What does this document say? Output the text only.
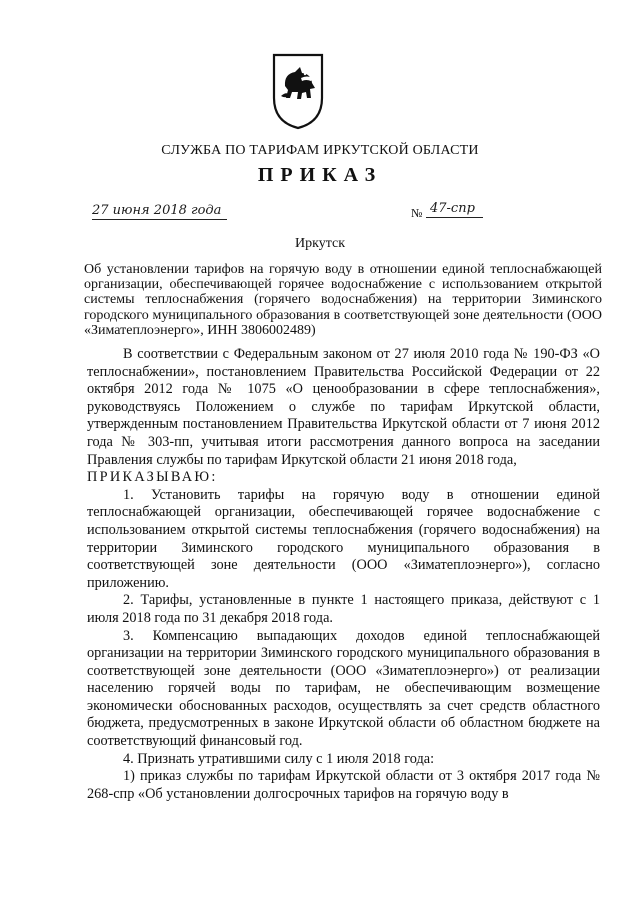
СЛУЖБА ПО ТАРИФАМ ИРКУТСКОЙ ОБЛАСТИ
ПРИКАЗ
27 июня 2018 года	№ 47-спр
Иркутск
Об установлении тарифов на горячую воду в отношении единой теплоснабжающей организации, обеспечивающей горячее водоснабжение с использованием открытой системы теплоснабжения (горячего водоснабжения) на территории Зиминского городского муниципального образования в соответствующей зоне деятельности (ООО «Зиматеплоэнерго», ИНН 3806002489)

В соответствии с Федеральным законом от 27 июля 2010 года № 190-ФЗ «О теплоснабжении», постановлением Правительства Российской Федерации от 22 октября 2012 года № 1075 «О ценообразовании в сфере теплоснабжения», руководствуясь Положением о службе по тарифам Иркутской области, утвержденным постановлением Правительства Иркутской области от 7 июня 2012 года № 303-пп, учитывая итоги рассмотрения данного вопроса на заседании Правления службы по тарифам Иркутской области 21 июня 2018 года,

ПРИКАЗЫВАЮ:

1. Установить тарифы на горячую воду в отношении единой теплоснабжающей организации, обеспечивающей горячее водоснабжение с использованием открытой системы теплоснабжения (горячего водоснабжения) на территории Зиминского городского муниципального образования в соответствующей зоне деятельности (ООО «Зиматеплоэнерго»), согласно приложению.

2. Тарифы, установленные в пункте 1 настоящего приказа, действуют с 1 июля 2018 года по 31 декабря 2018 года.

3. Компенсацию выпадающих доходов единой теплоснабжающей организации на территории Зиминского городского муниципального образования в соответствующей зоне деятельности (ООО «Зиматеплоэнерго») от реализации населению горячей воды по тарифам, не обеспечивающим возмещение экономически обоснованных расходов, осуществлять за счет средств областного бюджета, предусмотренных в законе Иркутской области об областном бюджете на соответствующий финансовый год.

4. Признать утратившими силу с 1 июля 2018 года:

1) приказ службы по тарифам Иркутской области от 3 октября 2017 года № 268-спр «Об установлении долгосрочных тарифов на горячую воду в
